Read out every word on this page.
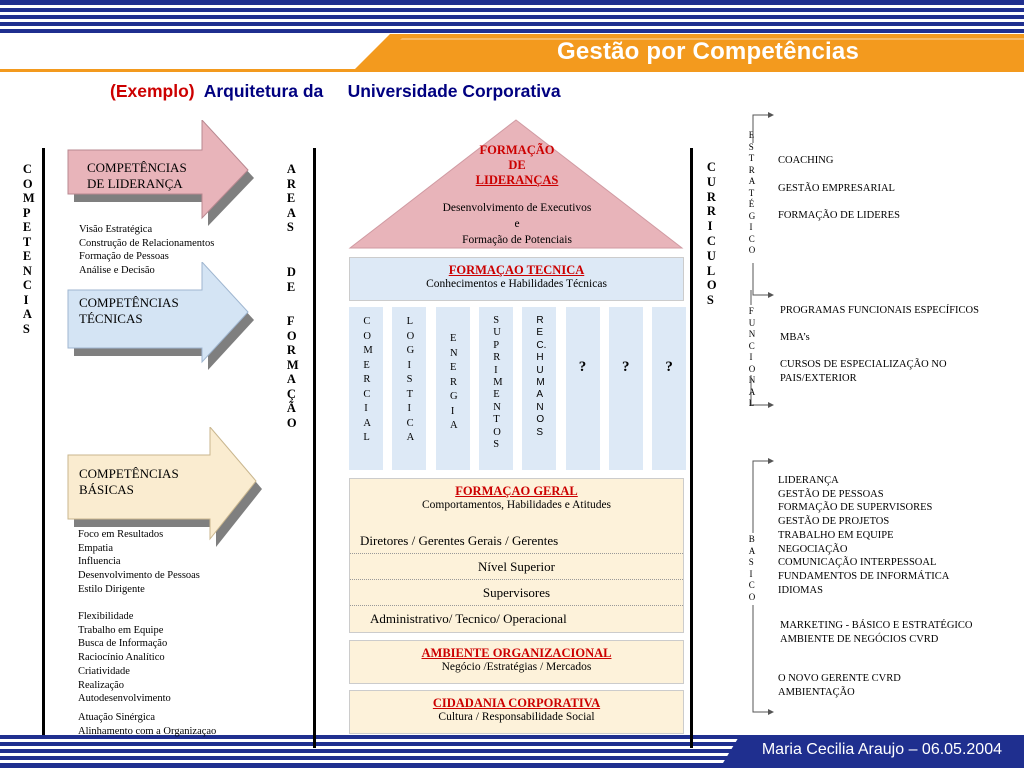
Gestão por Competências
(Exemplo) Arquitetura da     Universidade Corporativa
Maria Cecilia Araujo – 06.05.2004
COMPETENCIAS
AREAS
DE
FORMAÇÃO
COMPETÊNCIAS
DE LIDERANÇA
COMPETÊNCIAS
TÉCNICAS
COMPETÊNCIAS
BÁSICAS
Visão Estratégica
Construção de Relacionamentos
Formação de Pessoas
Análise e Decisão
Foco em Resultados
Empatia
Influencia
Desenvolvimento de Pessoas
Estilo Dirigente
Flexibilidade
Trabalho em Equipe
Busca de Informação
Raciocínio Analítico
Criatividade
Realização
Autodesenvolvimento
Atuação Sinérgica
Alinhamento com a Organizaçao
FORMAÇÃO
DE
LIDERANÇAS
Desenvolvimento de Executivos
e
Formação de Potenciais
FORMAÇAO TECNICA
Conhecimentos e Habilidades Técnicas
COMERCIAL
LOGISTICA
ENERGIA
SUPRIMENTOS
REC. HUMANOS
?	?	?
FORMAÇAO GERAL
Comportamentos, Habilidades e Atitudes
Diretores / Gerentes Gerais / Gerentes
Nível Superior
Supervisores
Administrativo/ Tecnico/ Operacional
AMBIENTE ORGANIZACIONAL
Negócio /Estratégias / Mercados
CIDADANIA CORPORATIVA
Cultura / Responsabilidade Social
CURRICULOS
ESTRATÉGICO
FUNCIONAL
BASICO
COACHING
GESTÃO EMPRESARIAL
FORMAÇÃO DE LIDERES
PROGRAMAS FUNCIONAIS ESPECÍFICOS
MBA’s
CURSOS DE ESPECIALIZAÇÃO NO
PAIS/EXTERIOR
LIDERANÇA
GESTÃO DE PESSOAS
FORMAÇÃO DE SUPERVISORES
GESTÃO DE PROJETOS
TRABALHO EM EQUIPE
NEGOCIAÇÃO
COMUNICAÇÃO INTERPESSOAL
FUNDAMENTOS DE INFORMÁTICA
IDIOMAS
MARKETING - BÁSICO E ESTRATÉGICO
AMBIENTE DE NEGÓCIOS CVRD
O NOVO GERENTE CVRD
AMBIENTAÇÃO
